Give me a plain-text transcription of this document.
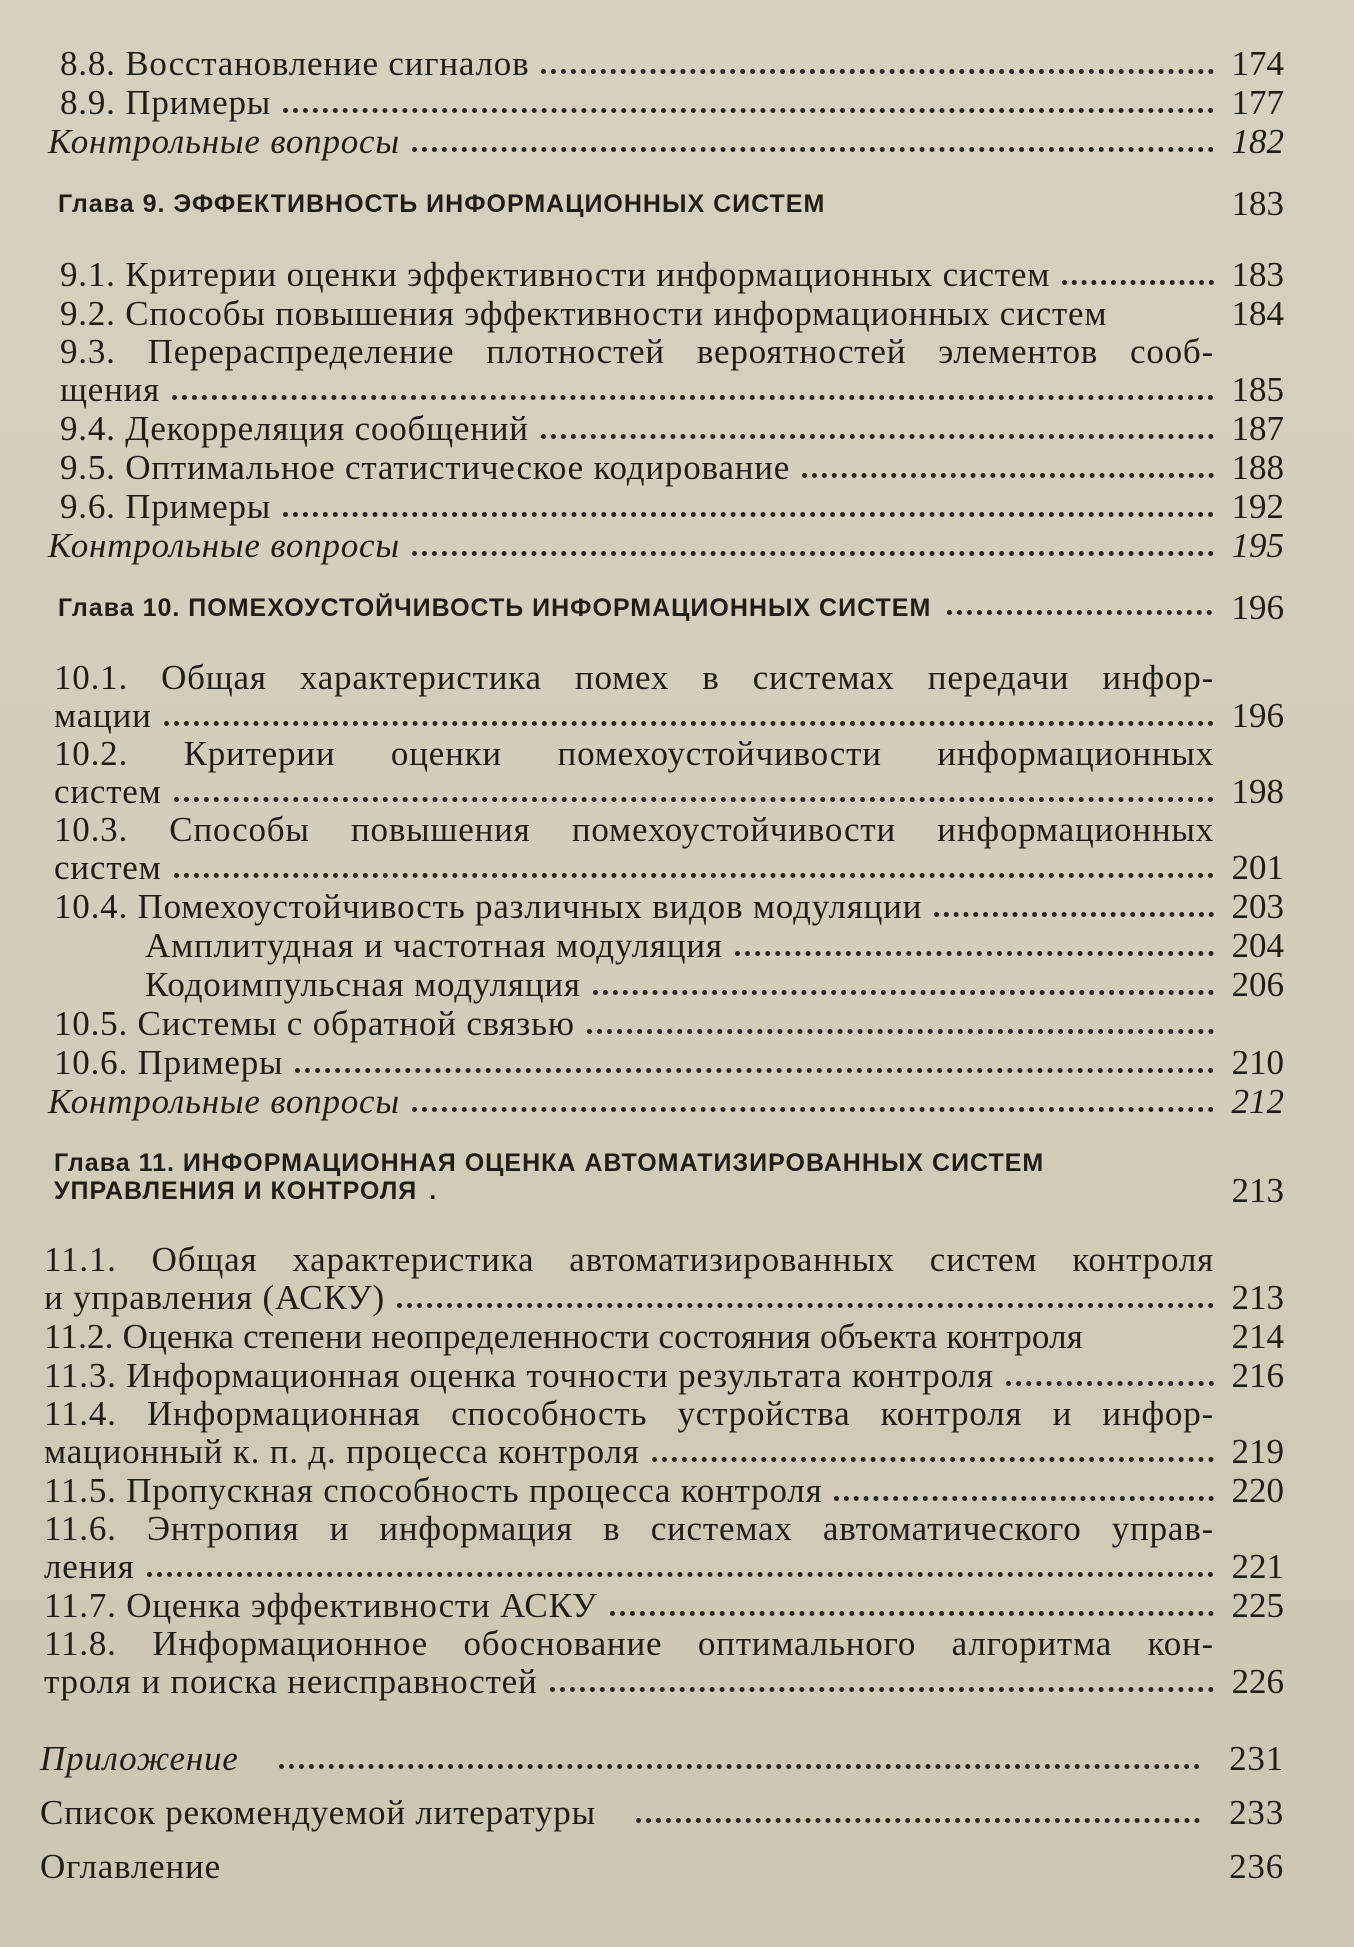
8.8. Восстановление сигналов	174
8.9. Примеры	177
Контрольные вопросы	182
Глава 9. ЭФФЕКТИВНОСТЬ ИНФОРМАЦИОННЫХ СИСТЕМ	183
9.1. Критерии оценки эффективности информационных систем	183
9.2. Способы повышения эффективности информационных систем	184
9.3. Перераспределение плотностей вероятностей элементов сооб-
щения	185
9.4. Декорреляция сообщений	187
9.5. Оптимальное статистическое кодирование	188
9.6. Примеры	192
Контрольные вопросы	195
Глава 10. ПОМЕХОУСТОЙЧИВОСТЬ ИНФОРМАЦИОННЫХ СИСТЕМ	196
10.1. Общая характеристика помех в системах передачи инфор-
мации	196
10.2. Критерии оценки помехоустойчивости информационных
систем	198
10.3. Способы повышения помехоустойчивости информационных
систем	201
10.4. Помехоустойчивость различных видов модуляции	203
Амплитудная и частотная модуляция	204
Кодоимпульсная модуляция	206
10.5. Системы с обратной связью
10.6. Примеры	210
Контрольные вопросы	212
Глава 11. ИНФОРМАЦИОННАЯ ОЦЕНКА АВТОМАТИЗИРОВАННЫХ СИСТЕМ
УПРАВЛЕНИЯ И КОНТРОЛЯ .	213
11.1. Общая характеристика автоматизированных систем контроля
и управления (АСКУ)	213
11.2. Оценка степени неопределенности состояния объекта контроля	214
11.3. Информационная оценка точности результата контроля	216
11.4. Информационная способность устройства контроля и инфор-
мационный к. п. д. процесса контроля	219
11.5. Пропускная способность процесса контроля	220
11.6. Энтропия и информация в системах автоматического управ-
ления	221
11.7. Оценка эффективности АСКУ	225
11.8. Информационное обоснование оптимального алгоритма кон-
троля и поиска неисправностей	226
Приложение	231
Список рекомендуемой литературы	233
Оглавление	236
